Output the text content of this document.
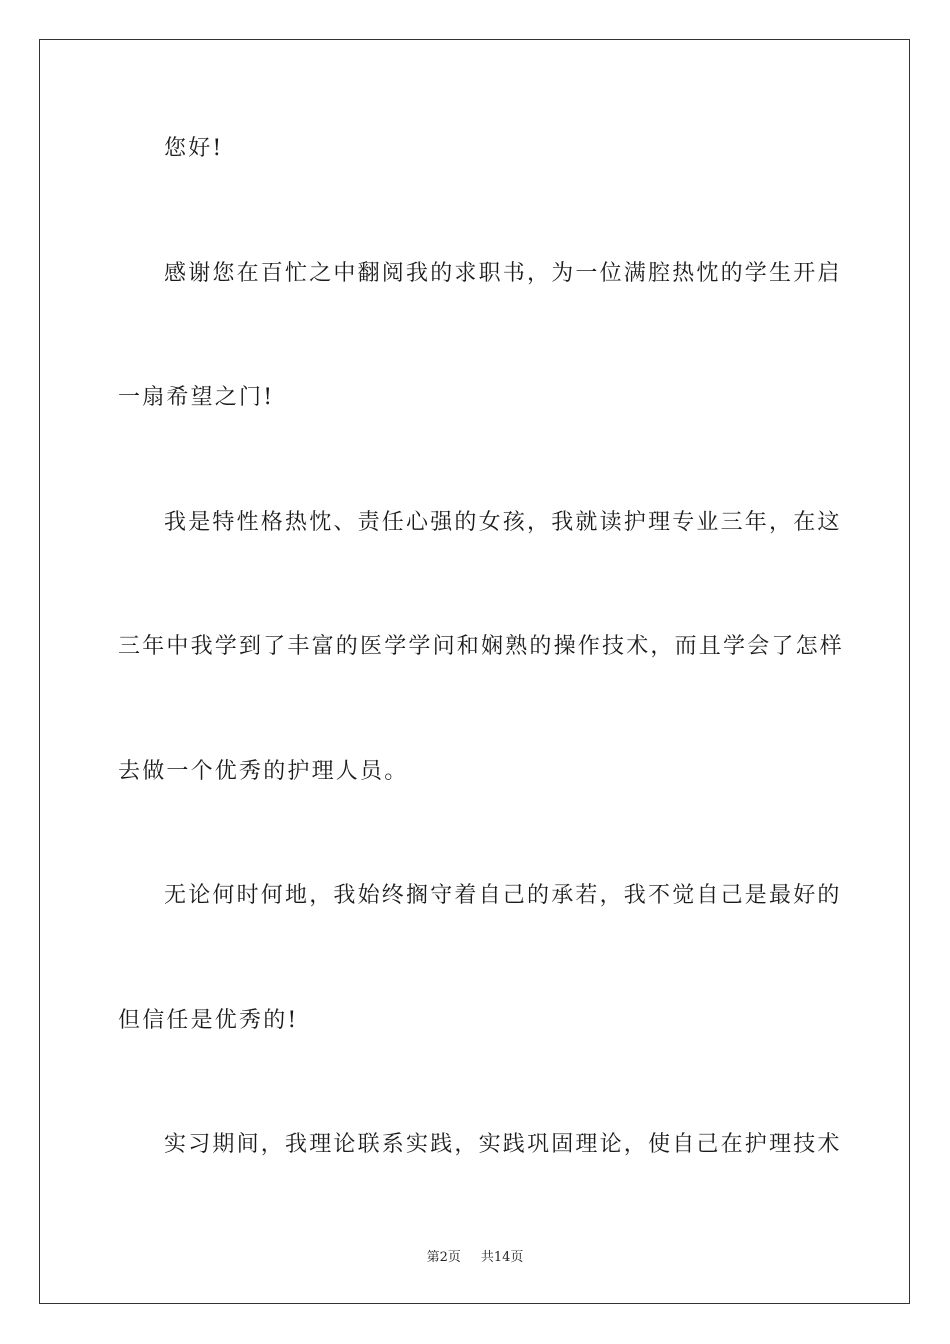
您好!
感谢您在百忙之中翻阅我的求职书，为一位满腔热忱的学生开启
一扇希望之门!
我是特性格热忱、责任心强的女孩，我就读护理专业三年，在这
三年中我学到了丰富的医学学问和娴熟的操作技术，而且学会了怎样
去做一个优秀的护理人员。
无论何时何地，我始终搁守着自己的承若，我不觉自己是最好的
但信任是优秀的!
实习期间，我理论联系实践，实践巩固理论，使自己在护理技术
第2页 共14页
